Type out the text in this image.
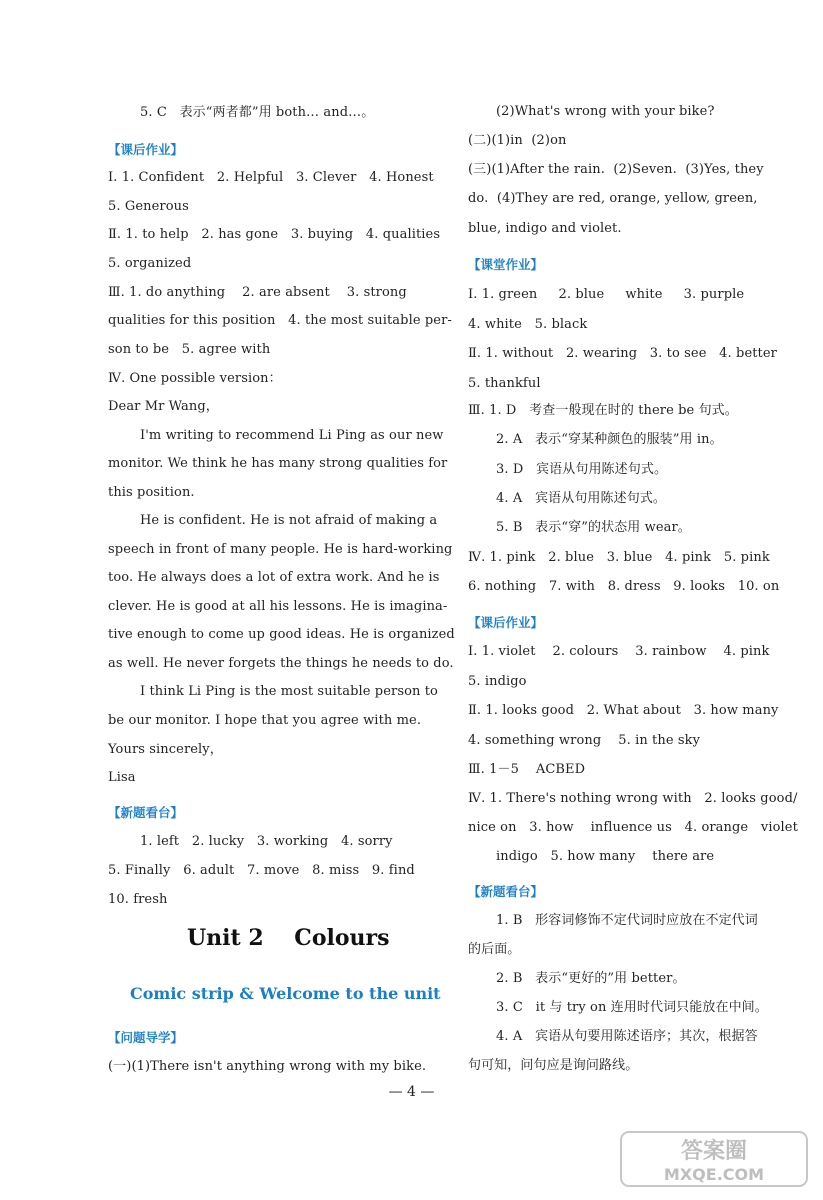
5. C   表示“两者都”用 both… and…。
【课后作业】
Ⅰ. 1. Confident   2. Helpful   3. Clever   4. Honest
5. Generous
Ⅱ. 1. to help   2. has gone   3. buying   4. qualities
5. organized
Ⅲ. 1. do anything    2. are absent    3. strong
qualities for this position   4. the most suitable per-
son to be   5. agree with
Ⅳ. One possible version：
Dear Mr Wang，
I'm writing to recommend Li Ping as our new
monitor. We think he has many strong qualities for
this position.
He is confident. He is not afraid of making a
speech in front of many people. He is hard-working
too. He always does a lot of extra work. And he is
clever. He is good at all his lessons. He is imagina-
tive enough to come up good ideas. He is organized
as well. He never forgets the things he needs to do.
I think Li Ping is the most suitable person to
be our monitor. I hope that you agree with me.
Yours sincerely，
Lisa
【新题看台】
1. left   2. lucky   3. working   4. sorry
5. Finally   6. adult   7. move   8. miss   9. find
10. fresh
【问题导学】
(一)(1)There isn't anything wrong with my bike.
Unit 2    Colours
Comic strip & Welcome to the unit
(2)What's wrong with your bike?
(二)(1)in  (2)on
(三)(1)After the rain.  (2)Seven.  (3)Yes, they
do.  (4)They are red, orange, yellow, green,
blue, indigo and violet.
【课堂作业】
Ⅰ. 1. green     2. blue     white     3. purple
4. white   5. black
Ⅱ. 1. without   2. wearing   3. to see   4. better
5. thankful
Ⅲ. 1. D   考查一般现在时的 there be 句式。
2. A   表示“穿某种颜色的服装”用 in。
3. D   宾语从句用陈述句式。
4. A   宾语从句用陈述句式。
5. B   表示“穿”的状态用 wear。
Ⅳ. 1. pink   2. blue   3. blue   4. pink   5. pink
6. nothing   7. with   8. dress   9. looks   10. on
【课后作业】
Ⅰ. 1. violet    2. colours    3. rainbow    4. pink
5. indigo
Ⅱ. 1. looks good   2. What about   3. how many
4. something wrong    5. in the sky
Ⅲ. 1－5    ACBED
Ⅳ. 1. There's nothing wrong with   2. looks good/
nice on   3. how    influence us   4. orange   violet
indigo   5. how many    there are
【新题看台】
1. B   形容词修饰不定代词时应放在不定代词
的后面。
2. B   表示“更好的”用 better。
3. C   it 与 try on 连用时代词只能放在中间。
4. A   宾语从句要用陈述语序；其次，根据答
句可知，问句应是询问路线。
— 4 —
答案圈
MXQE.COM
